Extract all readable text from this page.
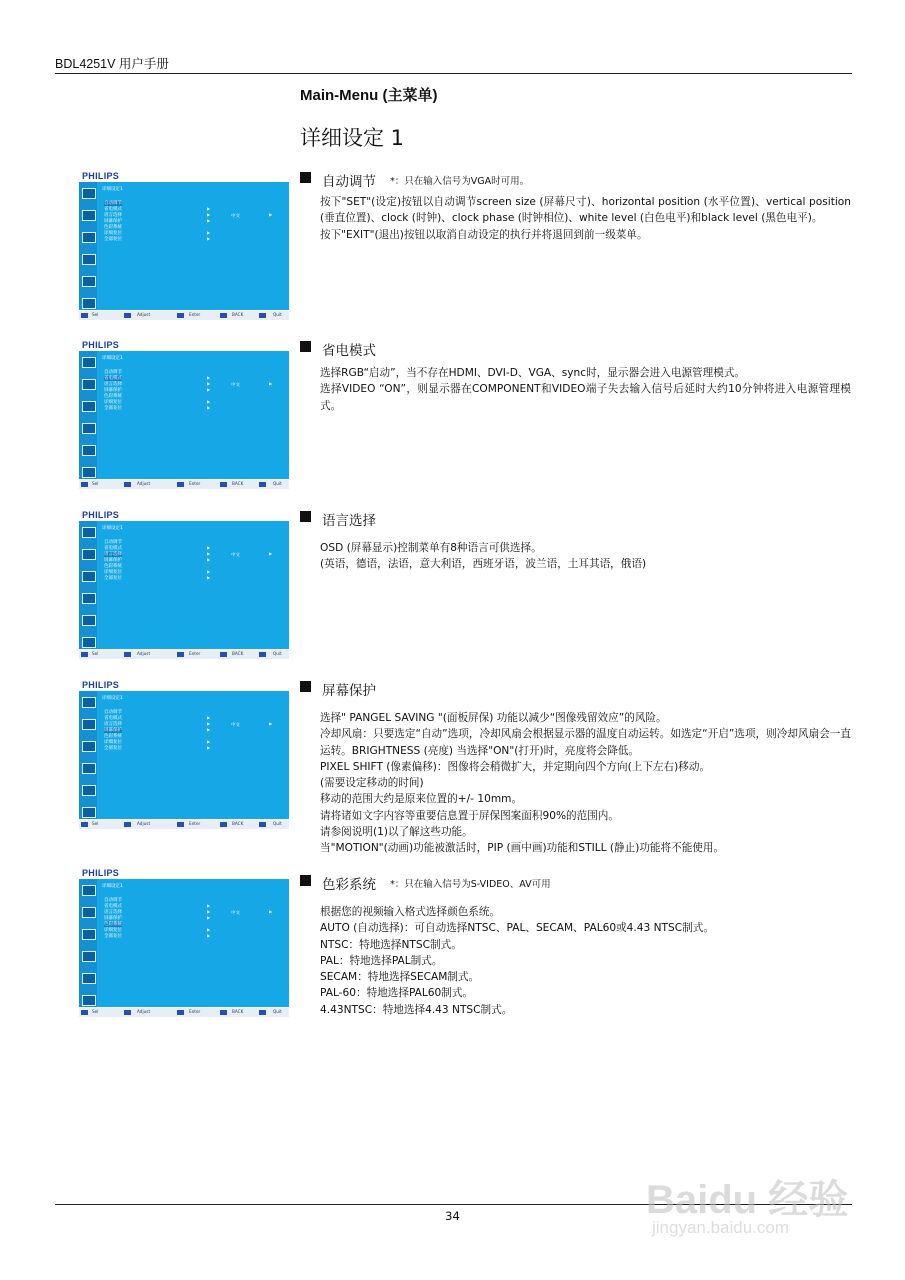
BDL4251V 用户手册
Main-Menu (主菜单)
详细设定 1
PHILIPS
详细设定1
自动调节
省电模式
语言选择
屏幕保护
色彩系统
详细复位
全部复位
▶
▶
▶
▶
▶
中文	▶
Sel	Adjust	Enter	BACK	Quit
PHILIPS
详细设定1
自动调节
省电模式
语言选择
屏幕保护
色彩系统
详细复位
全部复位
▶
▶
▶
▶
▶
中文	▶
Sel	Adjust	Enter	BACK	Quit
PHILIPS
详细设定1
自动调节
省电模式
语言选择
屏幕保护
色彩系统
详细复位
全部复位
▶
▶
▶
▶
▶
中文	▶
Sel	Adjust	Enter	BACK	Quit
PHILIPS
详细设定1
自动调节
省电模式
语言选择
屏幕保护
色彩系统
详细复位
全部复位
▶
▶
▶
▶
▶
中文	▶
Sel	Adjust	Enter	BACK	Quit
PHILIPS
详细设定1
自动调节
省电模式
语言选择
屏幕保护
色彩系统
详细复位
全部复位
▶
▶
▶
▶
▶
中文	▶
Sel	Adjust	Enter	BACK	Quit
自动调节 *：只在输入信号为VGA时可用。

按下"SET"(设定)按钮以自动调节screen size (屏幕尺寸)、horizontal position (水平位置)、vertical position (垂直位置)、clock (时钟)、clock phase (时钟相位)、white level (白色电平)和black level (黑色电平)。

按下"EXIT"(退出)按钮以取消自动设定的执行并将退回到前一级菜单。

省电模式

选择RGB“启动”，当不存在HDMI、DVI-D、VGA、sync时，显示器会进入电源管理模式。

选择VIDEO “ON”，则显示器在COMPONENT和VIDEO端子失去输入信号后延时大约10分钟将进入电源管理模式。

语言选择

OSD (屏幕显示)控制菜单有8种语言可供选择。

(英语，德语，法语，意大利语，西班牙语，波兰语，土耳其语，俄语)

屏幕保护

选择" PANGEL SAVING "(面板屏保) 功能以减少“图像残留效应”的风险。

冷却风扇：只要选定“自动”选项，冷却风扇会根据显示器的温度自动运转。如选定“开启”选项，则冷却风扇会一直运转。BRIGHTNESS (亮度) 当选择"ON"(打开)时，亮度将会降低。

PIXEL SHIFT (像素偏移)：图像将会稍微扩大，并定期向四个方向(上下左右)移动。

(需要设定移动的时间)

移动的范围大约是原来位置的+/- 10mm。

请将诸如文字内容等重要信息置于屏保图案面积90%的范围内。

请参阅说明(1)以了解这些功能。

当"MOTION"(动画)功能被激活时，PIP (画中画)功能和STILL (静止)功能将不能使用。

色彩系统 *：只在输入信号为S-VIDEO、AV可用

根据您的视频输入格式选择颜色系统。

AUTO (自动选择)：可自动选择NTSC、PAL、SECAM、PAL60或4.43 NTSC制式。

NTSC：特地选择NTSC制式。

PAL：特地选择PAL制式。

SECAM：特地选择SECAM制式。

PAL-60：特地选择PAL60制式。

4.43NTSC：特地选择4.43 NTSC制式。

34	Baidu 经验
jingyan.baidu.com
